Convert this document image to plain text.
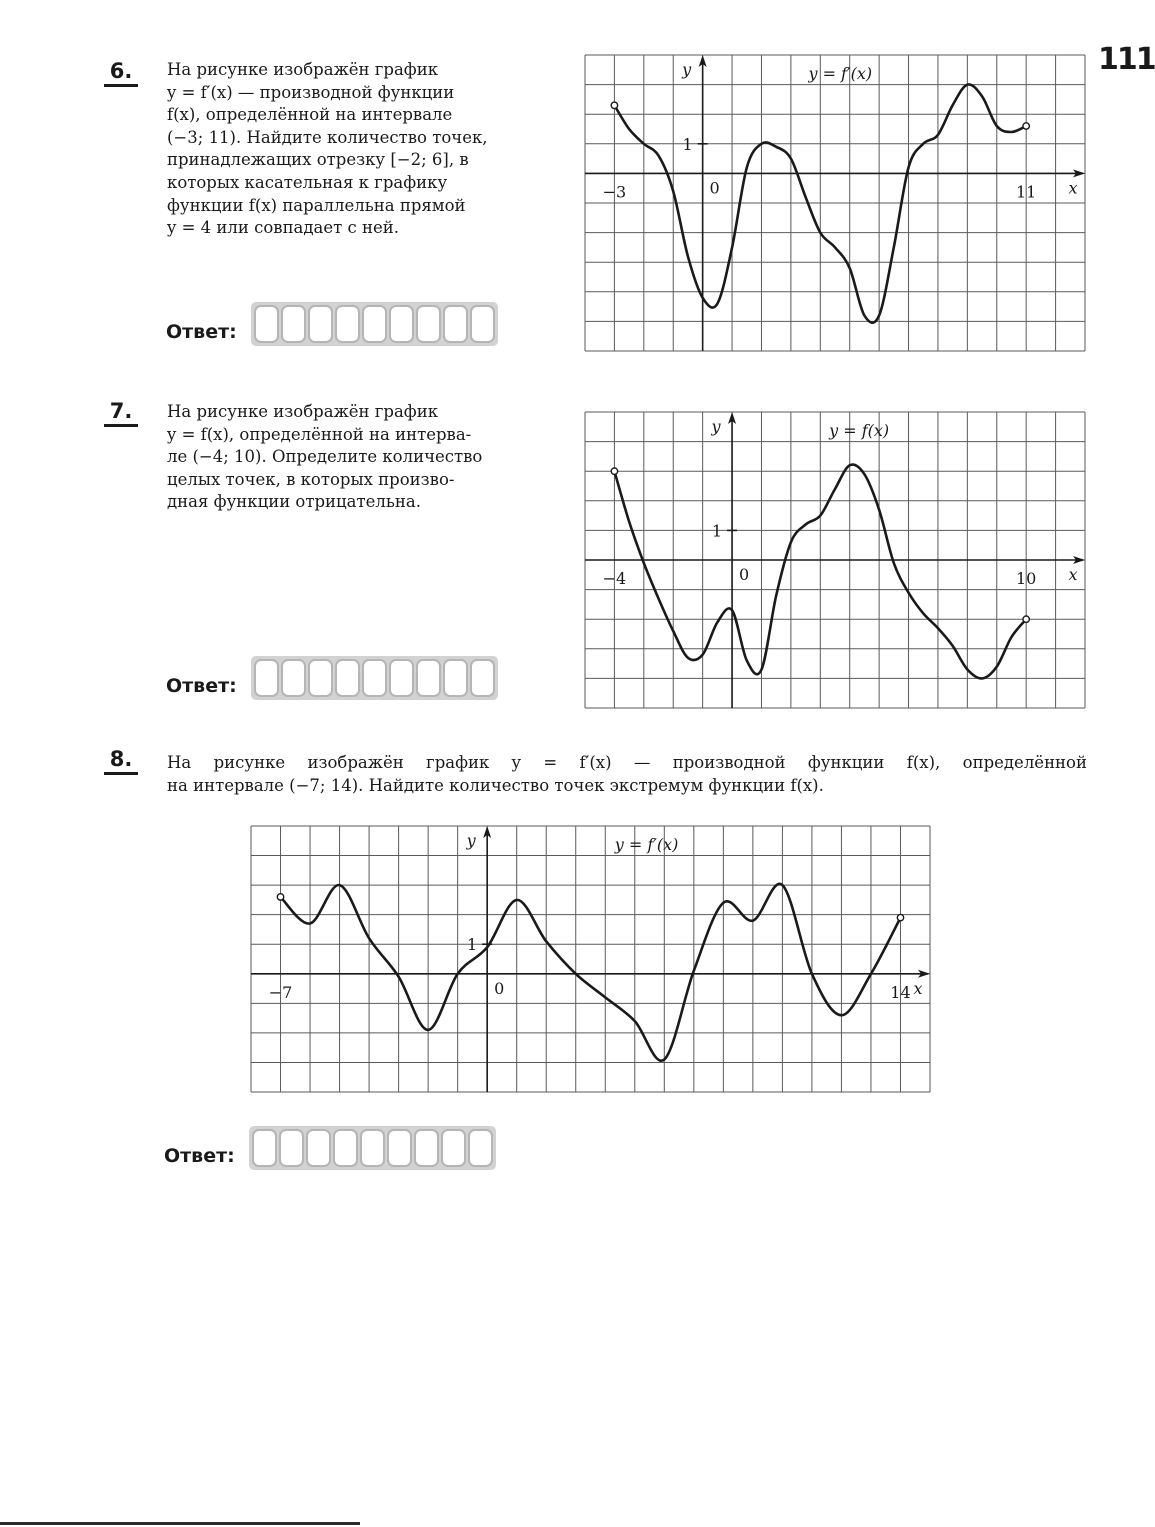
111
6.	На рисунке изображён график
y = f′(x) — производной функции
f(x), определённой на интервале
(−3; 11). Найдите количество точек,
принадлежащих отрезку [−2; 6], в
которых касательная к графику
функции f(x) параллельна прямой
y = 4 или совпадает с ней.
Ответ:
−3	0	11
1
x
y	y = f′(x)
7.	На рисунке изображён график
y = f(x), определённой на интерва-
ле (−4; 10). Определите количество
целых точек, в которых произво-
дная функции отрицательна.
Ответ:
−4	0	10
1
x
y	y = f(x)
8.	На рисунке изображён график y = f′(x) — производной функции f(x), определённой
на интервале (−7; 14). Найдите количество точек экстремум функции f(x).
−7	0	14
1
x
y	y = f′(x)
Ответ:
